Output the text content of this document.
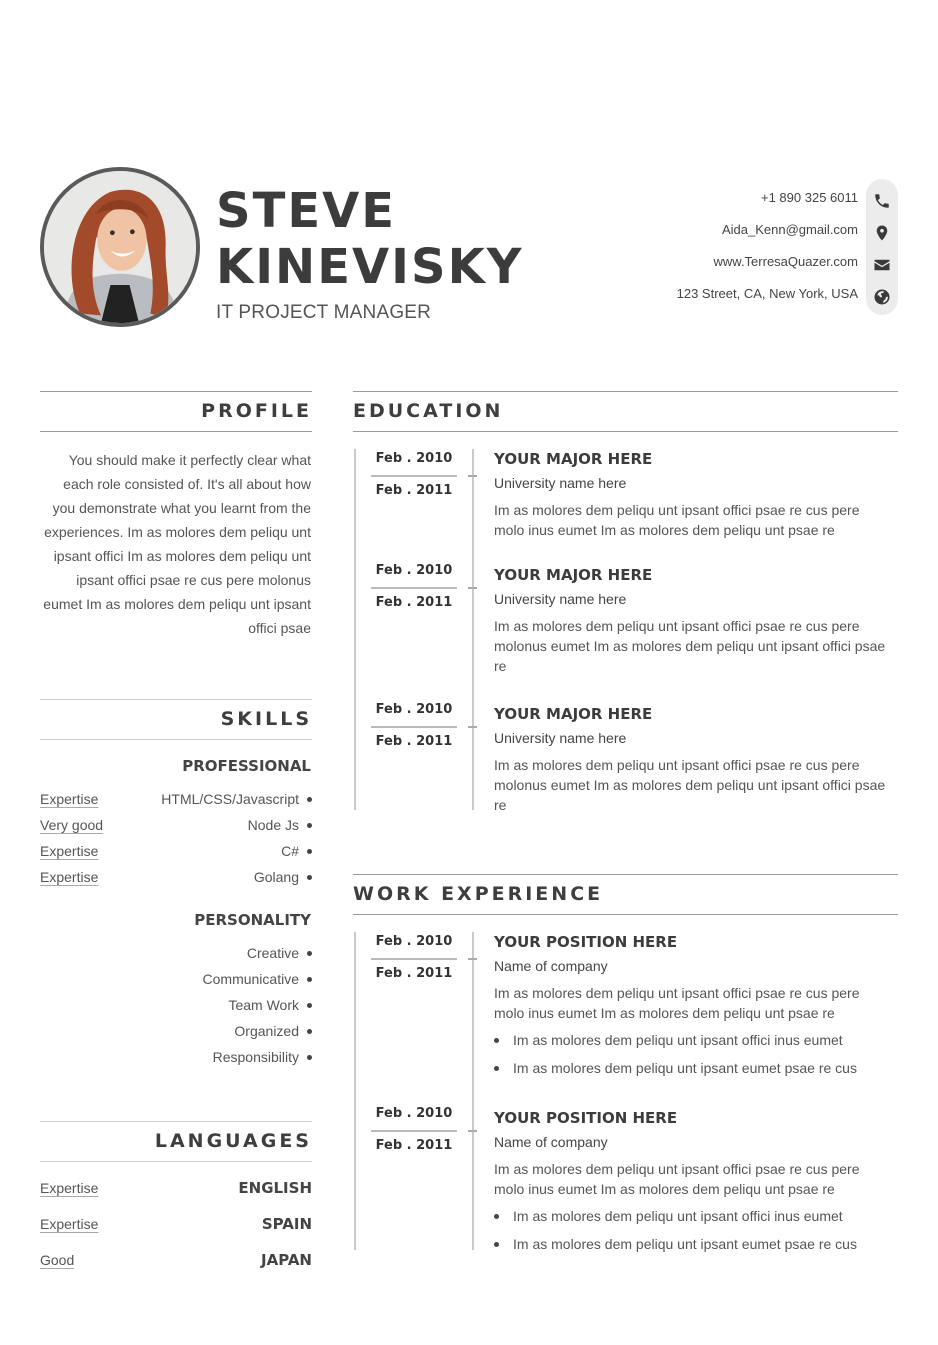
STEVE
KINEVISKY
IT PROJECT MANAGER
+1 890 325 6011
Aida_Kenn@gmail.com
www.TerresaQuazer.com
123 Street, CA, New York, USA
PROFILE
You should make it perfectly clear what each role consisted of. It's all about how you demonstrate what you learnt from the experiences. Im as molores dem peliqu unt ipsant offici Im as molores dem peliqu unt ipsant offici psae re cus pere molonus eumet Im as molores dem peliqu unt ipsant offici psae
SKILLS
PROFESSIONAL
Expertise	HTML/CSS/Javascript
Very good	Node Js
Expertise	C#
Expertise	Golang
PERSONALITY
Creative
Communicative
Team Work
Organized
Responsibility
LANGUAGES
Expertise	ENGLISH
Expertise	SPAIN
Good	JAPAN
EDUCATION
Feb . 2010
Feb . 2011
YOUR MAJOR HERE
University name here
Im as molores dem peliqu unt ipsant offici psae re cus pere molo inus eumet Im as molores dem peliqu unt psae re
Feb . 2010
Feb . 2011
YOUR MAJOR HERE
University name here
Im as molores dem peliqu unt ipsant offici psae re cus pere molonus eumet Im as molores dem peliqu unt ipsant offici psae re
Feb . 2010
Feb . 2011
YOUR MAJOR HERE
University name here
Im as molores dem peliqu unt ipsant offici psae re cus pere molonus eumet Im as molores dem peliqu unt ipsant offici psae re
WORK EXPERIENCE
Feb . 2010
Feb . 2011
YOUR POSITION HERE
Name of company
Im as molores dem peliqu unt ipsant offici psae re cus pere molo inus eumet Im as molores dem peliqu unt psae re
Im as molores dem peliqu unt ipsant offici inus eumet
Im as molores dem peliqu unt ipsant eumet psae re cus
Feb . 2010
Feb . 2011
YOUR POSITION HERE
Name of company
Im as molores dem peliqu unt ipsant offici psae re cus pere molo inus eumet Im as molores dem peliqu unt psae re
Im as molores dem peliqu unt ipsant offici inus eumet
Im as molores dem peliqu unt ipsant eumet psae re cus
